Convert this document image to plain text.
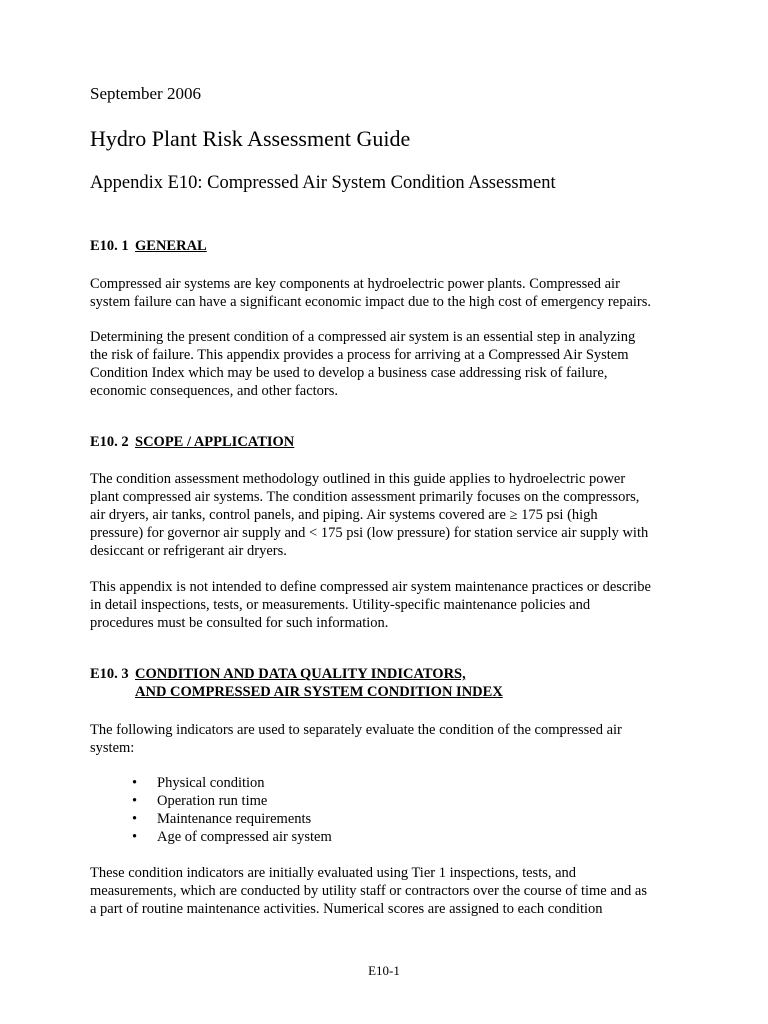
September 2006

Hydro Plant Risk Assessment Guide

Appendix E10: Compressed Air System Condition Assessment

E10. 1 GENERAL
Compressed air systems are key components at hydroelectric power plants. Compressed air
system failure can have a significant economic impact due to the high cost of emergency repairs.
Determining the present condition of a compressed air system is an essential step in analyzing
the risk of failure. This appendix provides a process for arriving at a Compressed Air System
Condition Index which may be used to develop a business case addressing risk of failure,
economic consequences, and other factors.
E10. 2 SCOPE / APPLICATION
The condition assessment methodology outlined in this guide applies to hydroelectric power
plant compressed air systems. The condition assessment primarily focuses on the compressors,
air dryers, air tanks, control panels, and piping. Air systems covered are ≥ 175 psi (high
pressure) for governor air supply and < 175 psi (low pressure) for station service air supply with
desiccant or refrigerant air dryers.
This appendix is not intended to define compressed air system maintenance practices or describe
in detail inspections, tests, or measurements. Utility-specific maintenance policies and
procedures must be consulted for such information.
E10. 3 CONDITION AND DATA QUALITY INDICATORS,
AND COMPRESSED AIR SYSTEM CONDITION INDEX
The following indicators are used to separately evaluate the condition of the compressed air
system:
• Physical condition
• Operation run time
• Maintenance requirements
• Age of compressed air system
These condition indicators are initially evaluated using Tier 1 inspections, tests, and
measurements, which are conducted by utility staff or contractors over the course of time and as
a part of routine maintenance activities. Numerical scores are assigned to each condition

E10-1
